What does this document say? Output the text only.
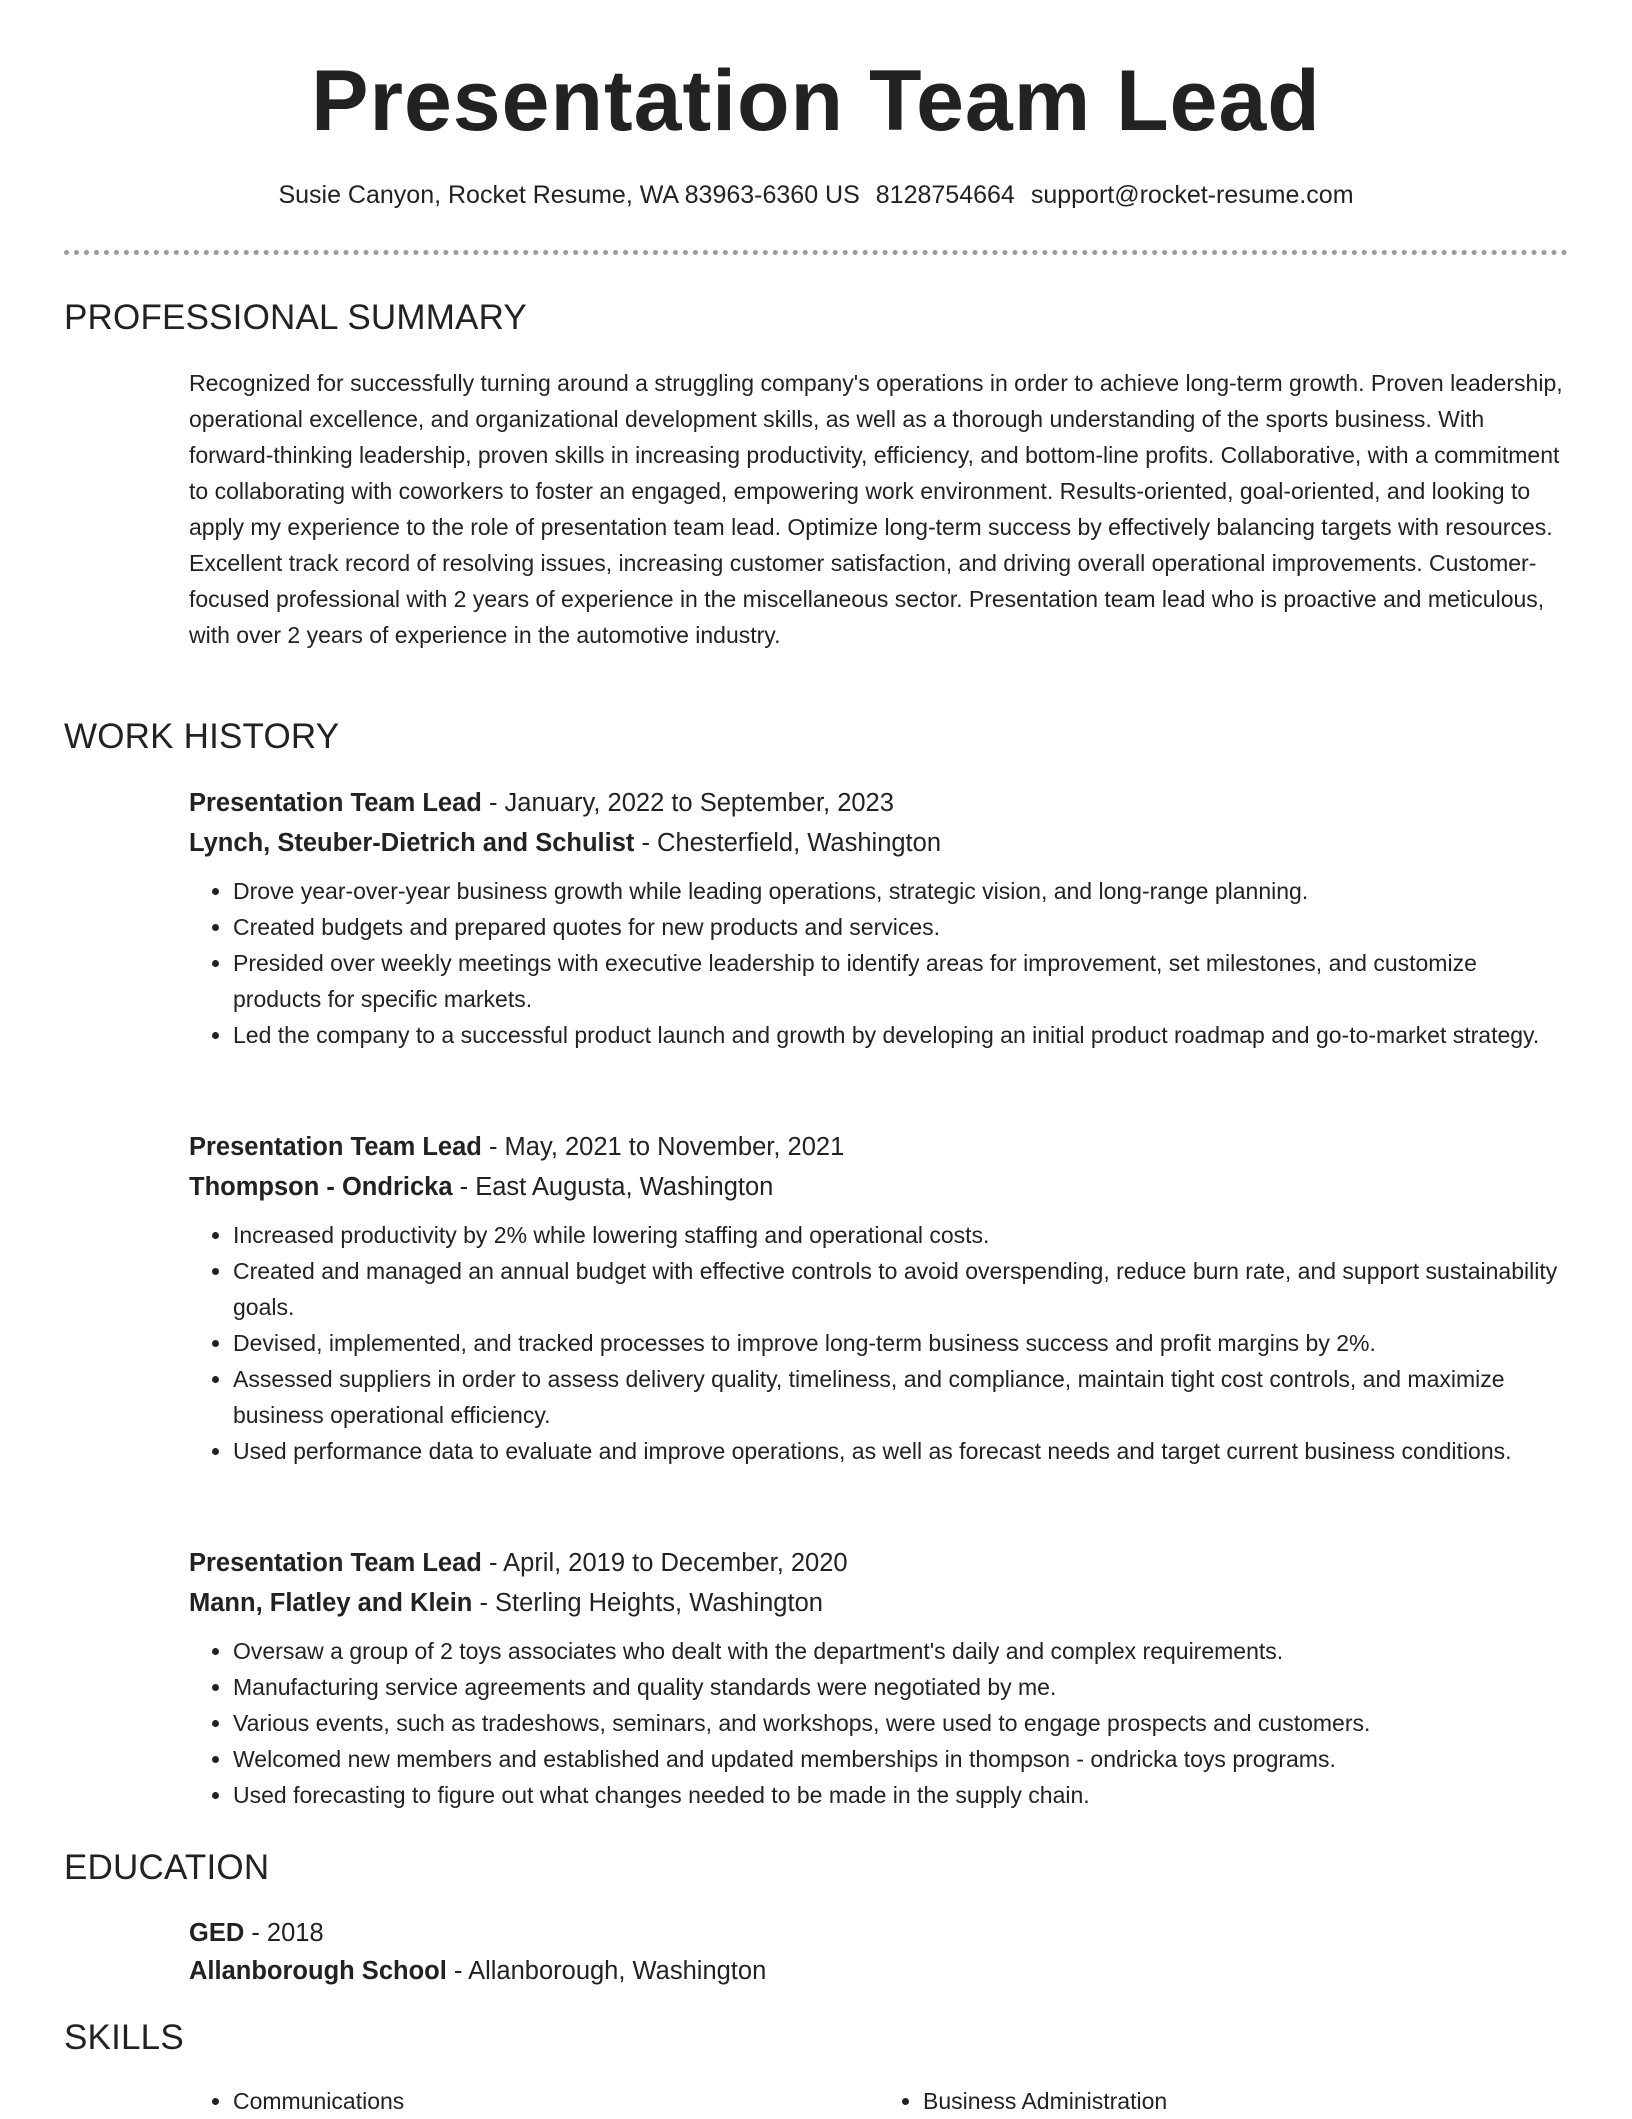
Presentation Team Lead
Susie Canyon, Rocket Resume, WA 83963-6360 US 8128754664 support@rocket-resume.com
PROFESSIONAL SUMMARY

Recognized for successfully turning around a struggling company's operations in order to achieve long-term growth. Proven leadership, operational excellence, and organizational development skills, as well as a thorough understanding of the sports business. With forward-thinking leadership, proven skills in increasing productivity, efficiency, and bottom-line profits. Collaborative, with a commitment to collaborating with coworkers to foster an engaged, empowering work environment. Results-oriented, goal-oriented, and looking to apply my experience to the role of presentation team lead. Optimize long-term success by effectively balancing targets with resources. Excellent track record of resolving issues, increasing customer satisfaction, and driving overall operational improvements. Customer-focused professional with 2 years of experience in the miscellaneous sector. Presentation team lead who is proactive and meticulous, with over 2 years of experience in the automotive industry.

WORK HISTORY
Presentation Team Lead - January, 2022 to September, 2023
Lynch, Steuber-Dietrich and Schulist - Chesterfield, Washington
• Drove year-over-year business growth while leading operations, strategic vision, and long-range planning.
• Created budgets and prepared quotes for new products and services.
• Presided over weekly meetings with executive leadership to identify areas for improvement, set milestones, and customize products for specific markets.
• Led the company to a successful product launch and growth by developing an initial product roadmap and go-to-market strategy.
Presentation Team Lead - May, 2021 to November, 2021
Thompson - Ondricka - East Augusta, Washington
• Increased productivity by 2% while lowering staffing and operational costs.
• Created and managed an annual budget with effective controls to avoid overspending, reduce burn rate, and support sustainability goals.
• Devised, implemented, and tracked processes to improve long-term business success and profit margins by 2%.
• Assessed suppliers in order to assess delivery quality, timeliness, and compliance, maintain tight cost controls, and maximize business operational efficiency.
• Used performance data to evaluate and improve operations, as well as forecast needs and target current business conditions.
Presentation Team Lead - April, 2019 to December, 2020
Mann, Flatley and Klein - Sterling Heights, Washington
• Oversaw a group of 2 toys associates who dealt with the department's daily and complex requirements.
• Manufacturing service agreements and quality standards were negotiated by me.
• Various events, such as tradeshows, seminars, and workshops, were used to engage prospects and customers.
• Welcomed new members and established and updated memberships in thompson - ondricka toys programs.
• Used forecasting to figure out what changes needed to be made in the supply chain.
EDUCATION
GED - 2018
Allanborough School - Allanborough, Washington
SKILLS
• Communications
•	Business Administration
